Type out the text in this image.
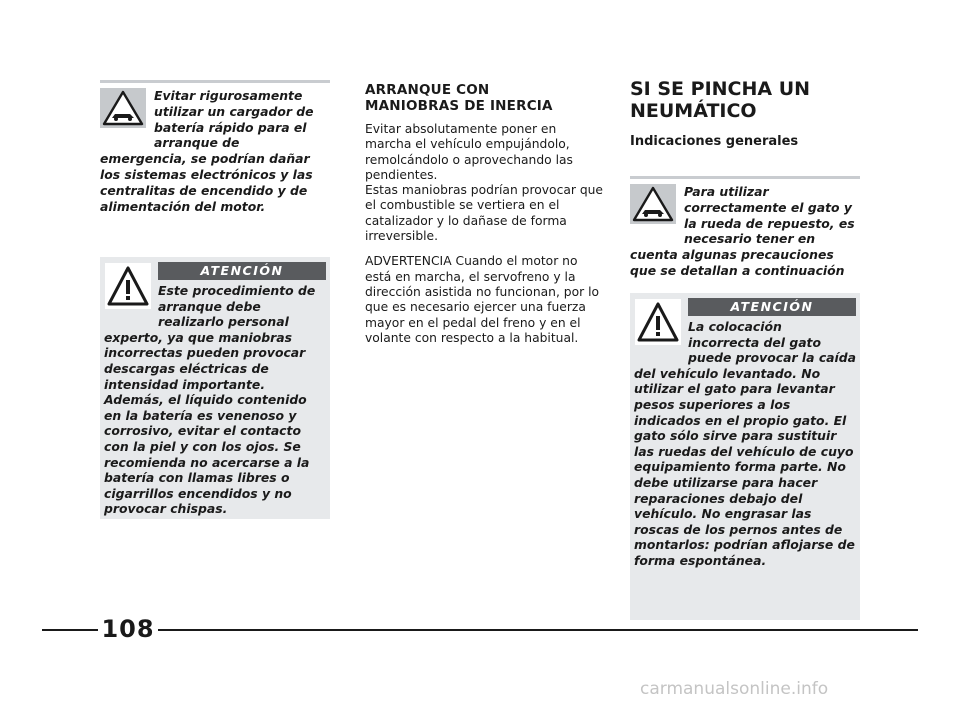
Evitar rigurosamente utilizar un cargador de batería rápido para el arranque de emergencia, se podrían dañar los sistemas electrónicos y las centralitas de encendido y de alimentación del motor.

ATENCIÓN
Este procedimiento de arranque debe realizarlo personal experto, ya que maniobras incorrectas pueden provocar descargas eléctricas de intensidad importante. Además, el líquido contenido en la batería es venenoso y corrosivo, evitar el contacto con la piel y con los ojos. Se recomienda no acercarse a la batería con llamas libres o cigarrillos encendidos y no provocar chispas.

ARRANQUE CON
MANIOBRAS DE INERCIA

Evitar absolutamente poner en marcha el vehículo empujándolo, remolcándolo o aprovechando las pendientes.

Estas maniobras podrían provocar que el combustible se vertiera en el catalizador y lo dañase de forma irreversible.

ADVERTENCIA Cuando el motor no está en marcha, el servofreno y la dirección asistida no funcionan, por lo que es necesario ejercer una fuerza mayor en el pedal del freno y en el volante con respecto a la habitual.

SI SE PINCHA UN
NEUMÁTICO

Indicaciones generales

Para utilizar correctamente el gato y la rueda de repuesto, es necesario tener en cuenta algunas precauciones que se detallan a continuación

ATENCIÓN
La colocación incorrecta del gato puede provocar la caída del vehículo levantado. No utilizar el gato para levantar pesos superiores a los indicados en el propio gato. El gato sólo sirve para sustituir las ruedas del vehículo de cuyo equipamiento forma parte. No debe utilizarse para hacer reparaciones debajo del vehículo. No engrasar las roscas de los pernos antes de montarlos: podrían aflojarse de forma espontánea.
108
carmanualsonline.info
